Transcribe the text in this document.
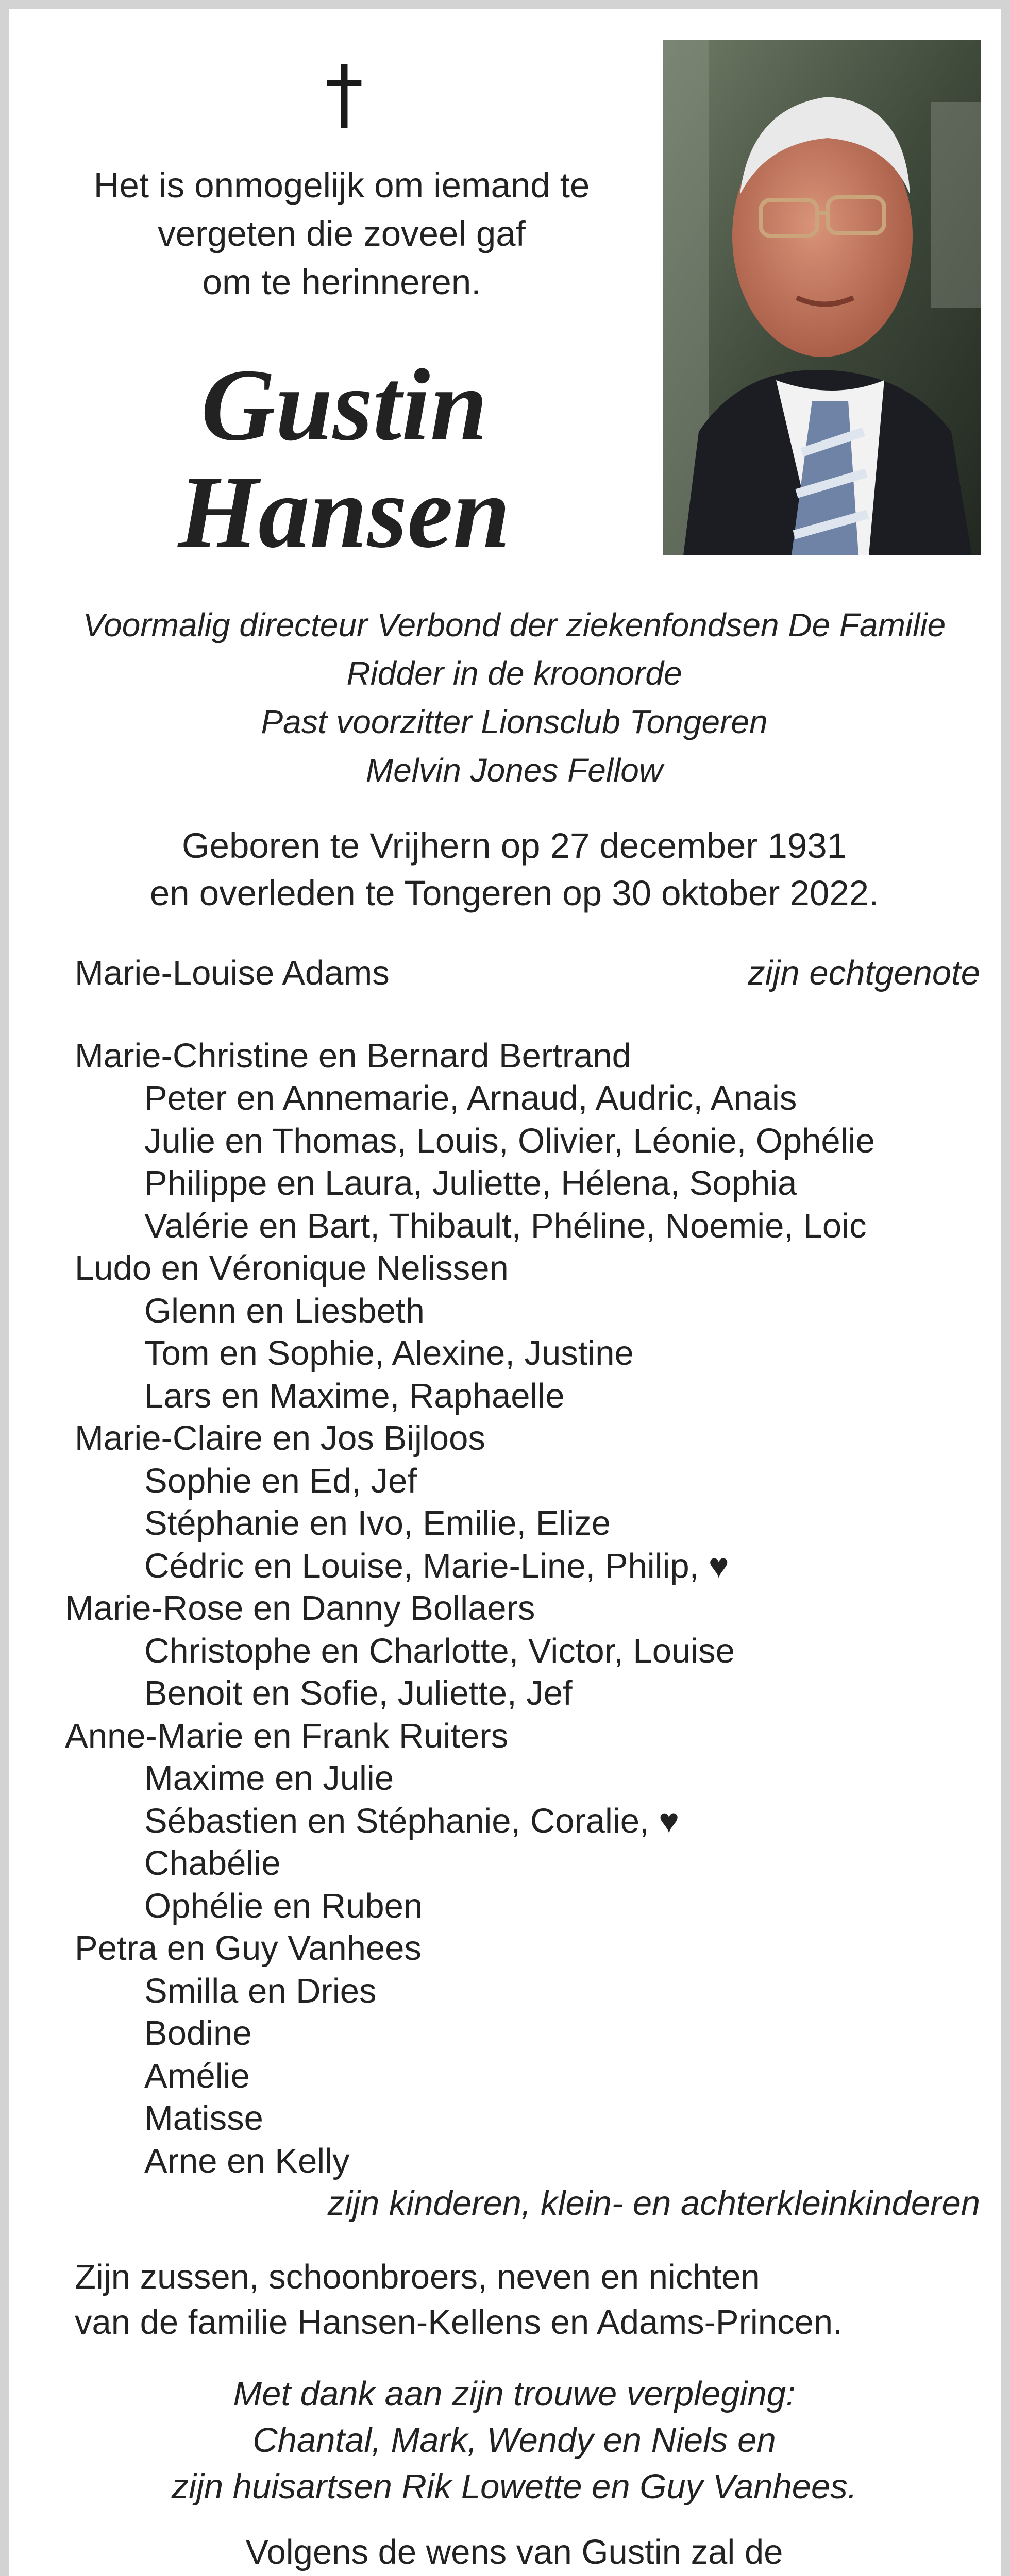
†
Het is onmogelijk om iemand te
vergeten die zoveel gaf
om te herinneren.
Gustin
Hansen
Voormalig directeur Verbond der ziekenfondsen De Familie
Ridder in de kroonorde
Past voorzitter Lionsclub Tongeren
Melvin Jones Fellow
Geboren te Vrijhern op 27 december 1931
en overleden te Tongeren op 30 oktober 2022.
Marie-Louise Adams	zijn echtgenote
Marie-Christine en Bernard Bertrand
Peter en Annemarie, Arnaud, Audric, Anais
Julie en Thomas, Louis, Olivier, Léonie, Ophélie
Philippe en Laura, Juliette, Hélena, Sophia
Valérie en Bart, Thibault, Phéline, Noemie, Loic
Ludo en Véronique Nelissen
Glenn en Liesbeth
Tom en Sophie, Alexine, Justine
Lars en Maxime, Raphaelle
Marie-Claire en Jos Bijloos
Sophie en Ed, Jef
Stéphanie en Ivo, Emilie, Elize
Cédric en Louise, Marie-Line, Philip, ♥
Marie-Rose en Danny Bollaers
Christophe en Charlotte, Victor, Louise
Benoit en Sofie, Juliette, Jef
Anne-Marie en Frank Ruiters
Maxime en Julie
Sébastien en Stéphanie, Coralie, ♥
Chabélie
Ophélie en Ruben
Petra en Guy Vanhees
Smilla en Dries
Bodine
Amélie
Matisse
Arne en Kelly
zijn kinderen, klein- en achterkleinkinderen
Zijn zussen, schoonbroers, neven en nichten
van de familie Hansen-Kellens en Adams-Princen.
Met dank aan zijn trouwe verpleging:
Chantal, Mark, Wendy en Niels en
zijn huisartsen Rik Lowette en Guy Vanhees.
Volgens de wens van Gustin zal de
